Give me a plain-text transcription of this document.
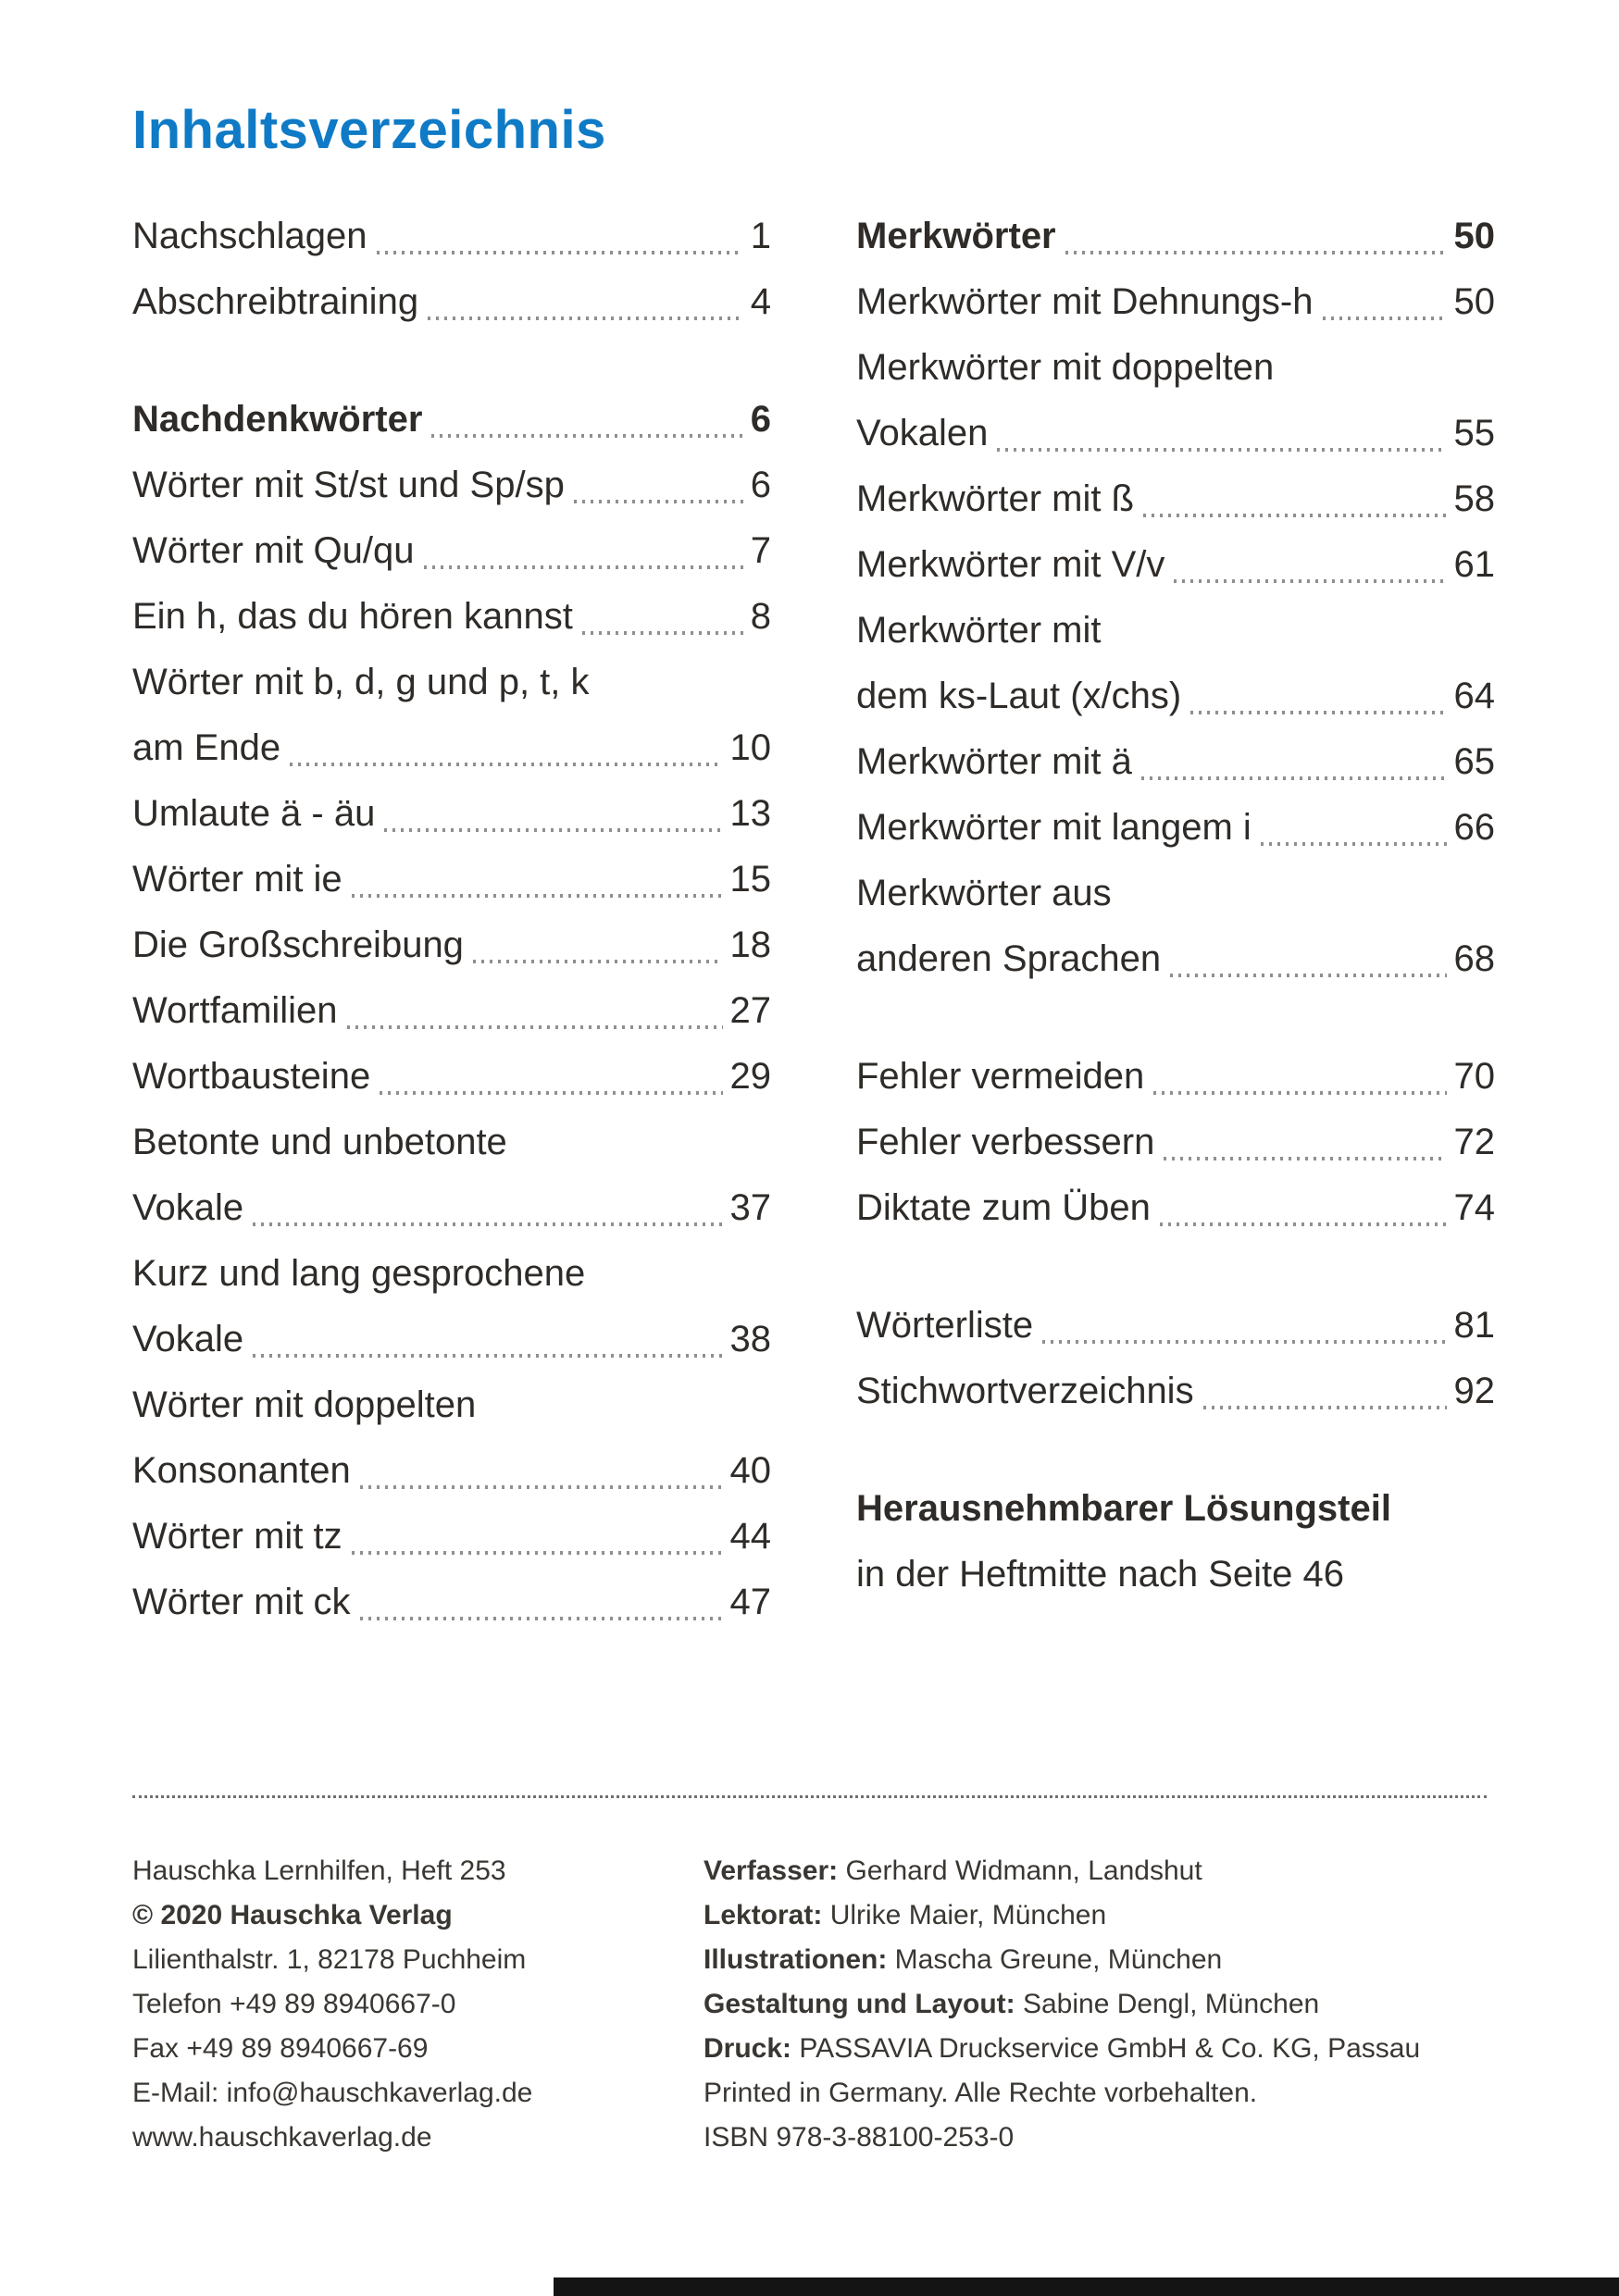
Inhaltsverzeichnis
Nachschlagen	1
Abschreibtraining	4
Nachdenkwörter	6
Wörter mit St/st und Sp/sp	6
Wörter mit Qu/qu	7
Ein h, das du hören kannst	8
Wörter mit b, d, g und p, t, k
am Ende	10
Umlaute ä - äu	13
Wörter mit ie	15
Die Großschreibung	18
Wortfamilien	27
Wortbausteine	29
Betonte und unbetonte
Vokale	37
Kurz und lang gesprochene
Vokale	38
Wörter mit doppelten
Konsonanten	40
Wörter mit tz	44
Wörter mit ck	47
Merkwörter	50
Merkwörter mit Dehnungs-h	50
Merkwörter mit doppelten
Vokalen	55
Merkwörter mit ß	58
Merkwörter mit V/v	61
Merkwörter mit
dem ks-Laut (x/chs)	64
Merkwörter mit ä	65
Merkwörter mit langem i	66
Merkwörter aus
anderen Sprachen	68
Fehler vermeiden	70
Fehler verbessern	72
Diktate zum Üben	74
Wörterliste	81
Stichwortverzeichnis	92
Herausnehmbarer Lösungsteil
in der Heftmitte nach Seite 46
Hauschka Lernhilfen, Heft 253
© 2020 Hauschka Verlag
Lilienthalstr. 1, 82178 Puchheim
Telefon +49 89 8940667-0
Fax +49 89 8940667-69
E-Mail: info@hauschkaverlag.de
www.hauschkaverlag.de
Verfasser: Gerhard Widmann, Landshut
Lektorat: Ulrike Maier, München
Illustrationen: Mascha Greune, München
Gestaltung und Layout: Sabine Dengl, München
Druck: PASSAVIA Druckservice GmbH & Co. KG, Passau
Printed in Germany. Alle Rechte vorbehalten.
ISBN 978-3-88100-253-0
